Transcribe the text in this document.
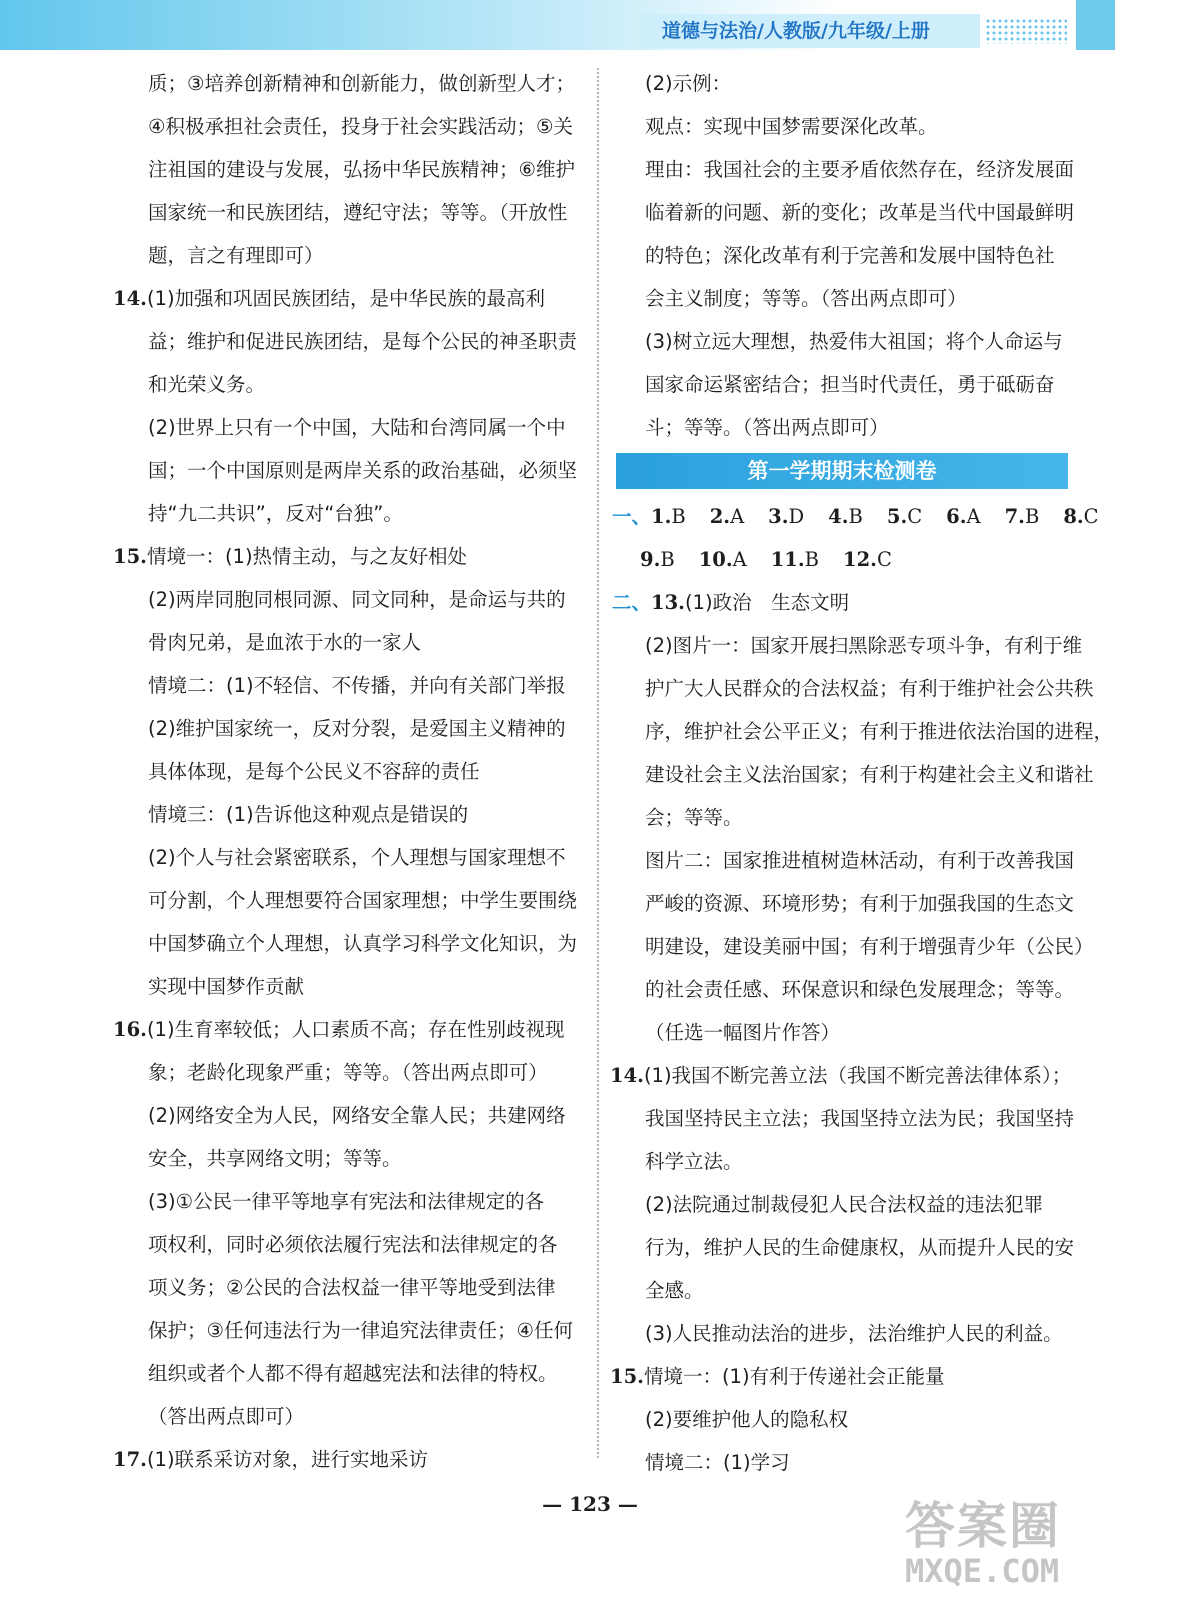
道德与法治/人教版/九年级/上册
质；③培养创新精神和创新能力，做创新型人才；
④积极承担社会责任，投身于社会实践活动；⑤关
注祖国的建设与发展，弘扬中华民族精神；⑥维护
国家统一和民族团结，遵纪守法；等等。（开放性
题，言之有理即可）
14.(1)加强和巩固民族团结，是中华民族的最高利
益；维护和促进民族团结，是每个公民的神圣职责
和光荣义务。
(2)世界上只有一个中国，大陆和台湾同属一个中
国；一个中国原则是两岸关系的政治基础，必须坚
持“九二共识”，反对“台独”。
15.情境一：(1)热情主动，与之友好相处
(2)两岸同胞同根同源、同文同种，是命运与共的
骨肉兄弟，是血浓于水的一家人
情境二：(1)不轻信、不传播，并向有关部门举报
(2)维护国家统一，反对分裂，是爱国主义精神的
具体体现，是每个公民义不容辞的责任
情境三：(1)告诉他这种观点是错误的
(2)个人与社会紧密联系，个人理想与国家理想不
可分割，个人理想要符合国家理想；中学生要围绕
中国梦确立个人理想，认真学习科学文化知识，为
实现中国梦作贡献
16.(1)生育率较低；人口素质不高；存在性别歧视现
象；老龄化现象严重；等等。（答出两点即可）
(2)网络安全为人民，网络安全靠人民；共建网络
安全，共享网络文明；等等。
(3)①公民一律平等地享有宪法和法律规定的各
项权利，同时必须依法履行宪法和法律规定的各
项义务；②公民的合法权益一律平等地受到法律
保护；③任何违法行为一律追究法律责任；④任何
组织或者个人都不得有超越宪法和法律的特权。
（答出两点即可）
17.(1)联系采访对象，进行实地采访
(2)示例：
观点：实现中国梦需要深化改革。
理由：我国社会的主要矛盾依然存在，经济发展面
临着新的问题、新的变化；改革是当代中国最鲜明
的特色；深化改革有利于完善和发展中国特色社
会主义制度；等等。（答出两点即可）
(3)树立远大理想，热爱伟大祖国；将个人命运与
国家命运紧密结合；担当时代责任，勇于砥砺奋
斗；等等。（答出两点即可）
第一学期期末检测卷
一、1.B 2.A 3.D 4.B 5.C 6.A 7.B 8.C
9.B 10.A 11.B 12.C
二、13.(1)政治　生态文明
(2)图片一：国家开展扫黑除恶专项斗争，有利于维
护广大人民群众的合法权益；有利于维护社会公共秩
序，维护社会公平正义；有利于推进依法治国的进程，
建设社会主义法治国家；有利于构建社会主义和谐社
会；等等。
图片二：国家推进植树造林活动，有利于改善我国
严峻的资源、环境形势；有利于加强我国的生态文
明建设，建设美丽中国；有利于增强青少年（公民）
的社会责任感、环保意识和绿色发展理念；等等。
（任选一幅图片作答）
14.(1)我国不断完善立法（我国不断完善法律体系）；
我国坚持民主立法；我国坚持立法为民；我国坚持
科学立法。
(2)法院通过制裁侵犯人民合法权益的违法犯罪
行为，维护人民的生命健康权，从而提升人民的安
全感。
(3)人民推动法治的进步，法治维护人民的利益。
15.情境一：(1)有利于传递社会正能量
(2)要维护他人的隐私权
情境二：(1)学习
— 123 —	答案圈
MXQE.COM
